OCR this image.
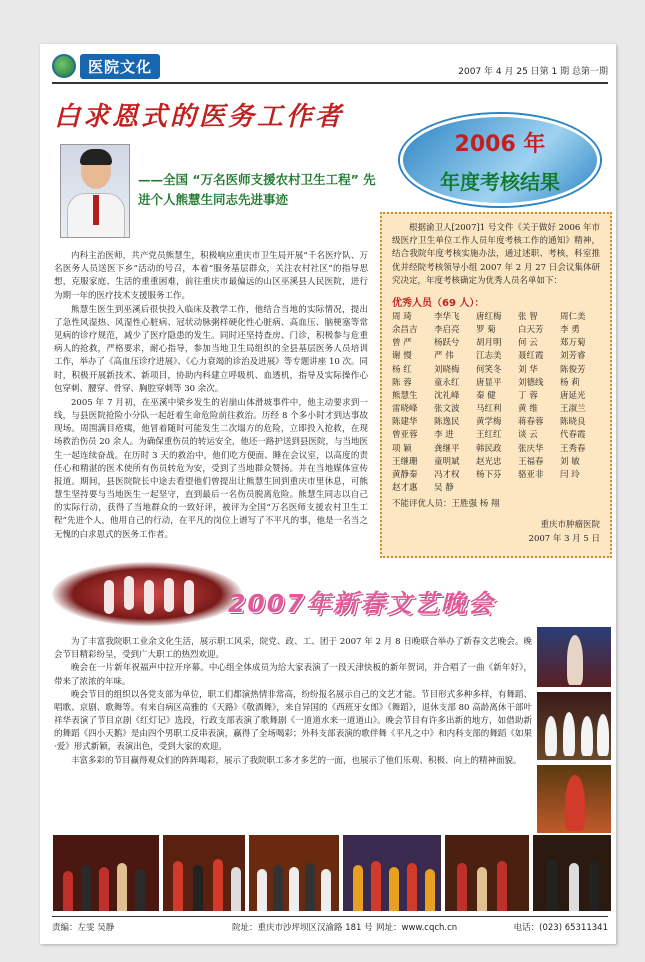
医院文化	2007 年 4 月 25 日第 1 期 总第一期
白求恩式的医务工作者
2006 年
年度考核结果
——全国 “万名医师支援农村卫生工程” 先进个人熊慧生同志先进事迹

内科主治医师，共产党员熊慧生，积极响应重庆市卫生局开展“千名医疗队、万名医务人员送医下乡”活动的号召，本着“服务基层群众，关注农村社区”的指导思想，克服家庭、生活的重重困难，前往重庆市最偏远的山区巫溪县人民医院，进行为期一年的医疗技术支援服务工作。

熊慧生医生到巫溪后很快投入临床及教学工作，他结合当地的实际情况，提出了急性风湿热、风湿性心脏病、冠状动脉粥样硬化性心脏病、高血压、脑梗塞等常见病的诊疗规范，减少了医疗隐患的发生。同时还坚持查房、门诊，积极参与危重病人的抢救，严格要求，耐心指导，参加当地卫生局组织的全县基层医务人员培训工作，举办了《高血压诊疗进展》、《心力衰竭的诊治及进展》等专题讲座 10 次。同时，积极开展新技术、新项目，协助内科建立呼吸机、血透机，指导及实际操作心包穿刺、腰穿、骨穿、胸腔穿刺等 30 余次。

2005 年 7 月初，在巫溪中梁乡发生的岩崩山体滑坡事件中，他主动要求到一线，与县医院抢险小分队一起赶着生命危险前往救治。历经 8 个多小时才到达事故现场。周围满目疮痍，他冒着随时可能发生二次塌方的危险，立即投入抢救，在现场救治伤员 20 余人。为确保重伤员的转运安全，他还一路护送到县医院，与当地医生一起连续奋战。在历时 3 天的救治中，他们吃方便面、睡在会议室，以高度的责任心和精湛的医术使所有伤员转危为安，受到了当地群众赞扬。并在当地媒体宣传报道。期间，县医院院长中途去看望他们曾提出让熊慧生回到重庆市里休息，可熊慧生坚持要与当地医生一起坚守，直到最后一名伤员脱离危险。熊慧生同志以自己的实际行动，获得了当地群众的一致好评，被评为全国“万名医师支援农村卫生工程”先进个人，他用自己的行动，在平凡的岗位上谱写了不平凡的事，他是一名当之无愧的白求恩式的医务工作者。

根据渝卫人[2007]1 号文件《关于做好 2006 年市级医疗卫生单位工作人员年度考核工作的通知》精神，结合我院年度考核实施办法，通过述职、考核，科室推优并经院考核领导小组 2007 年 2 月 27 日会议集体研究决定，年度考核确定为优秀人员名单如下：

优秀人员（69 人）：
周 琦	李华飞	唐红梅	张 智	周仁美
余昌吉	李启亮	罗 菊	白天芳	李 勇
曾 严	杨跃兮	胡月明	何 云	郑万菊
谢 慢	严 伟	江志美	聂红霞	刘芳睿
杨 红	刘晓梅	何笑冬	刘 华	陈俊芳
陈 蓉	童永红	唐显平	刘德线	杨 莉
熊慧生	沈礼峰	秦 健	丁 蓉	唐延光
雷晓峰	张文波	马红利	黄 维	王淑兰
陈建华	陈逸民	黄学梅	蒋春蓉	陈晓良
曾亚蓉	李 进	王红红	谈 云	代春霞
项 颖	龚继平	韩民政	张庆华	王秀春
王继珊	童明斌	赵光忠	王福春	刘 敏
黄静秦	冯才权	杨下芬	骆亚非	闫 玲
赵才惠	吴 静
不能评优人员：王胜强 杨 翔
重庆市肿瘤医院
2007 年 3 月 5 日
2007年新春文艺晚会

为了丰富我院职工业余文化生活，展示职工风采，院党、政、工、团于 2007 年 2 月 8 日晚联合举办了新春文艺晚会。晚会节目精彩纷呈，受到广大职工的热烈欢迎。

晚会在一片新年祝福声中拉开序幕。中心组全体成员为给大家表演了一段天津快板的新年贺词，并合唱了一曲《新年好》，带来了浓浓的年味。

晚会节目的组织以各党支部为单位，职工们都演热情非常高，纷纷报名展示自己的文艺才能。节目形式多种多样，有舞蹈、唱歌、京剧、歌舞等。有来自病区高雅的《天路》《敬酒舞》，来自异国的《西班牙女郎》《舞蹈》，退休支部 80 高龄离休干部叶祥华表演了节目京剧《红灯记》选段，行政支部表演了歌舞剧《一道道水来一道道山》。晚会节目有许多出新的地方，如借助新的舞蹈《四小天鹅》是由四个男职工反串表演，赢得了全场喝彩；外科支部表演的歌伴舞《平凡之中》和内科支部的舞蹈《如果·爱》形式新颖，表演出色，受到大家的欢迎。

丰富多彩的节目赢得观众们的阵阵喝彩，展示了我院职工多才多艺的一面，也展示了他们乐观、积极、向上的精神面貌。

责编：左雯 吴静	院址：重庆市沙坪坝区汉渝路 181 号 网址：www.cqch.cn	电话：(023) 65311341
